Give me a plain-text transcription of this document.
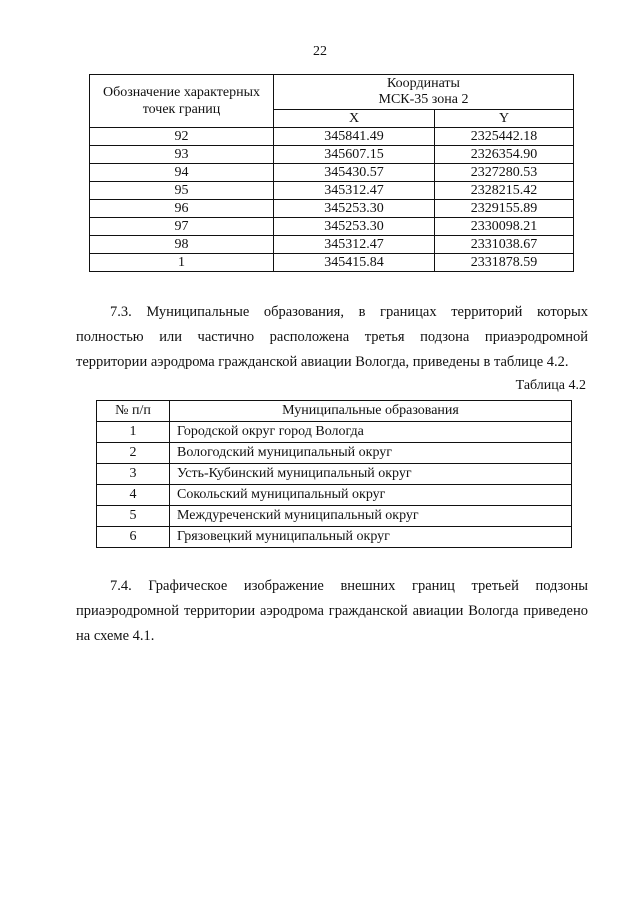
22
Обозначение характерных точек границ	Координаты
МСК-35 зона 2	
	X	Y
92	345841.49	2325442.18
93	345607.15	2326354.90
94	345430.57	2327280.53
95	345312.47	2328215.42
96	345253.30	2329155.89
97	345253.30	2330098.21
98	345312.47	2331038.67
1	345415.84	2331878.59
7.3. Муниципальные образования, в границах территорий которых полностью или частично расположена третья подзона приаэродромной территории аэродрома гражданской авиации Вологда, приведены в таблице 4.2.
Таблица 4.2
№ п/п	Муниципальные образования
1	Городской округ город Вологда
2	Вологодский муниципальный округ
3	Усть-Кубинский муниципальный округ
4	Сокольский муниципальный округ
5	Междуреченский муниципальный округ
6	Грязовецкий муниципальный округ
7.4. Графическое изображение внешних границ третьей подзоны приаэродромной территории аэродрома гражданской авиации Вологда приведено на схеме 4.1.
